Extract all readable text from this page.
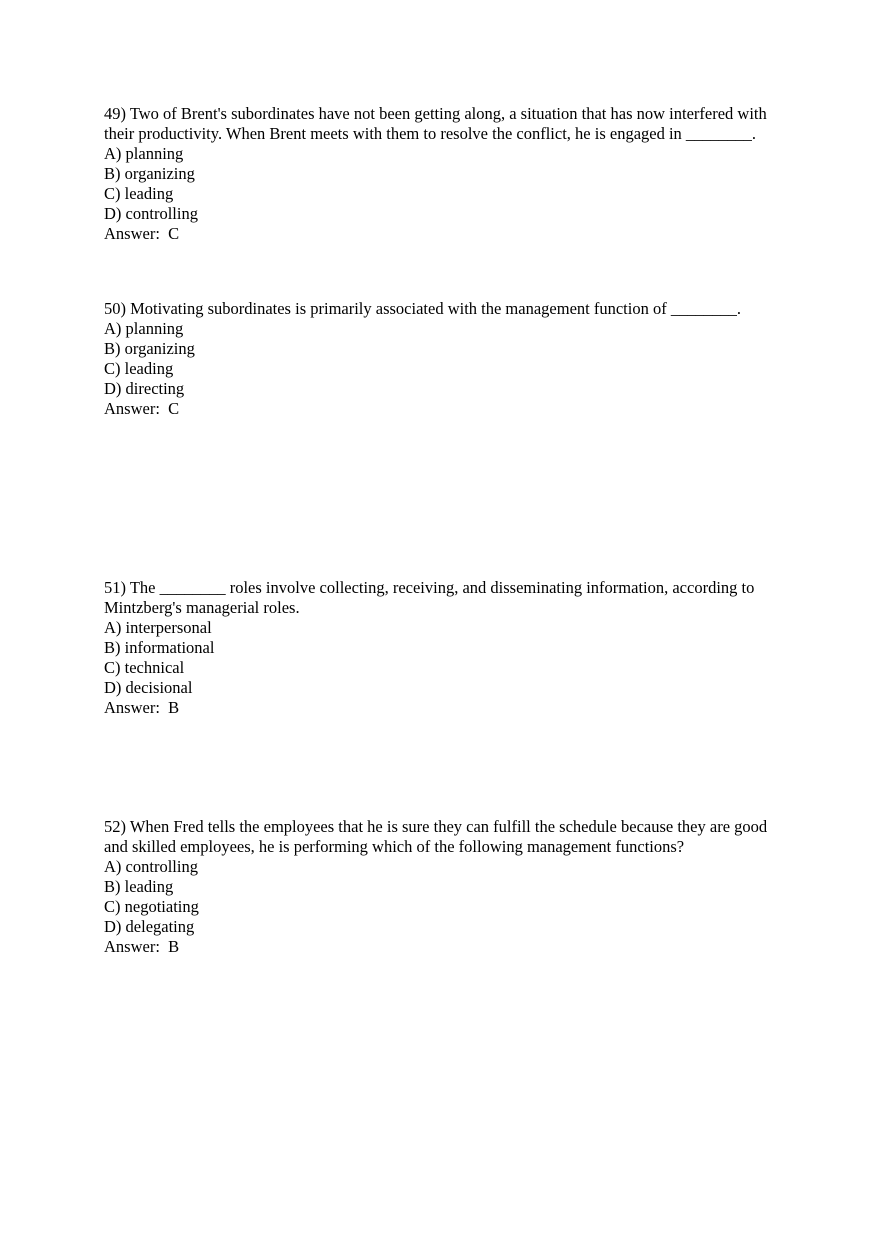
49) Two of Brent's subordinates have not been getting along, a situation that has now interfered with their productivity. When Brent meets with them to resolve the conflict, he is engaged in ________.

A) planning

B) organizing

C) leading

D) controlling

Answer:  C

50) Motivating subordinates is primarily associated with the management function of ________.

A) planning

B) organizing

C) leading

D) directing

Answer:  C

51) The ________ roles involve collecting, receiving, and disseminating information, according to Mintzberg's managerial roles.

A) interpersonal

B) informational

C) technical

D) decisional

Answer:  B

52) When Fred tells the employees that he is sure they can fulfill the schedule because they are good and skilled employees, he is performing which of the following management functions?

A) controlling

B) leading

C) negotiating

D) delegating

Answer:  B
